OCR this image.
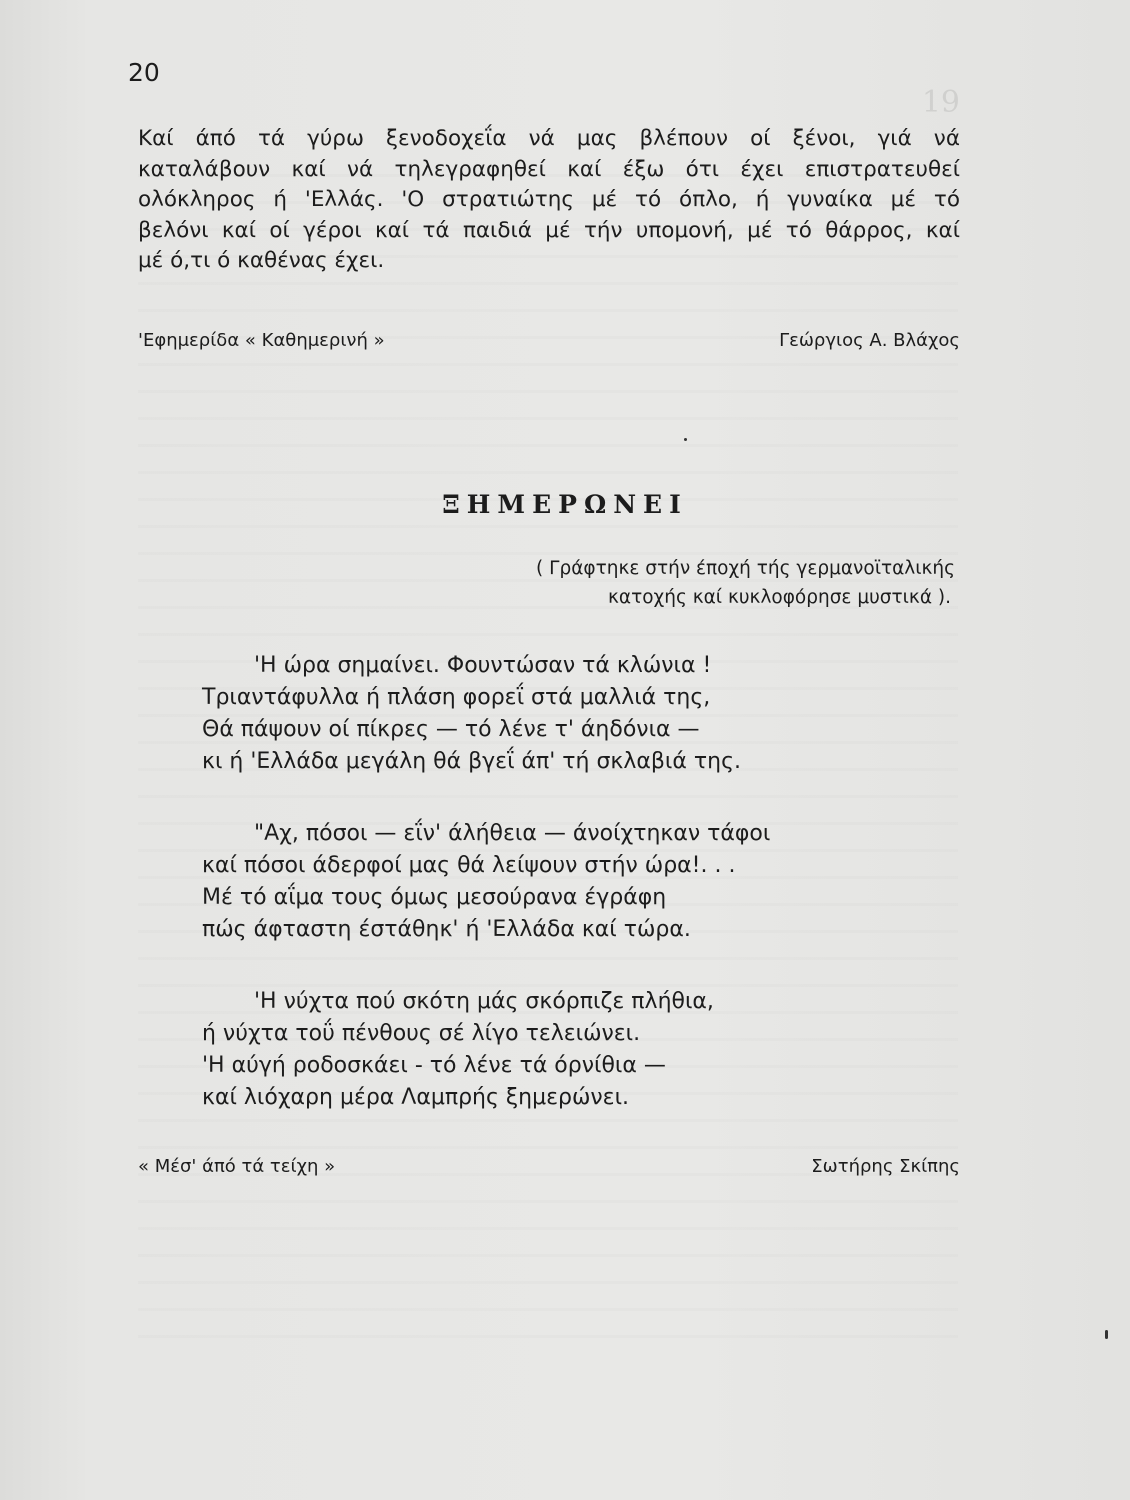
19
20
Καί άπό τά γύρω ξενοδοχεΐα νά μας βλέπουν οί ξένοι, γιά νά
καταλάβουν καί νά τηλεγραφηθεί καί έξω ότι έχει επιστρατευθεί
ολόκληρος ή 'Ελλάς. 'Ο στρατιώτης μέ τό όπλο, ή γυναίκα μέ τό
βελόνι καί οί γέροι καί τά παιδιά μέ τήν υπομονή, μέ τό θάρρος, καί
μέ ό,τι ό καθένας έχει.
'Εφημερίδα « Καθημερινή »	Γεώργιος Α. Βλάχος
ΞΗΜΕΡΩΝΕΙ
( Γράφτηκε στήν έποχή τής γερμανοϊταλικής
κατοχής καί κυκλοφόρησε μυστικά ).
'Η ώρα σημαίνει. Φουντώσαν τά κλώνια !
Τριαντάφυλλα ή πλάση φορεΐ στά μαλλιά της,
Θά πάψουν οί πίκρες — τό λένε τ' άηδόνια —
κι ή 'Ελλάδα μεγάλη θά βγεΐ άπ' τή σκλαβιά της.
"Αχ, πόσοι — εΐν' άλήθεια — άνοίχτηκαν τάφοι
καί πόσοι άδερφοί μας θά λείψουν στήν ώρα!. . .
Μέ τό αΐμα τους όμως μεσούρανα έγράφη
πώς άφταστη έστάθηκ' ή 'Ελλάδα καί τώρα.
'Η νύχτα πού σκότη μάς σκόρπιζε πλήθια,
ή νύχτα τοΰ πένθους σέ λίγο τελειώνει.
'Η αύγή ροδοσκάει - τό λένε τά όρνίθια —
καί λιόχαρη μέρα Λαμπρής ξημερώνει.
« Μέσ' άπό τά τείχη »	Σωτήρης Σκίπης
